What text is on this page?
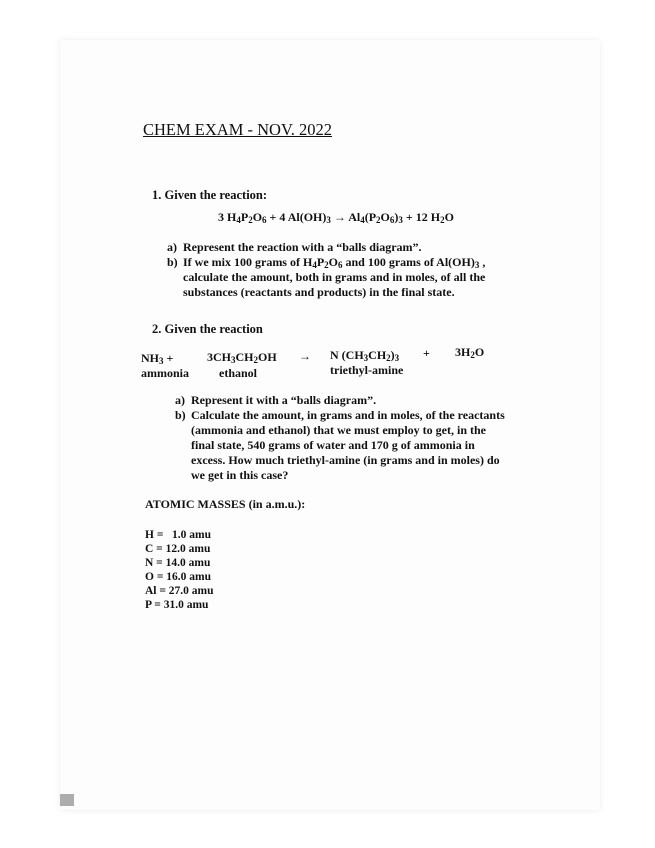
CHEM EXAM - NOV. 2022
1. Given the reaction:
3 $H_4P_2O_6 + 4$ $Al(OH)_3 \to Al_4(P_2O_6)_3 + 12$ $H_2O$
a) Represent the reaction with a “balls diagram”.
b) If we mix 100 grams of $H_4P_2O_6$ and 100 grams of $Al(OH)_3$ ,
calculate the amount, both in grams and in moles, of all the
substances (reactants and products) in the final state.
2. Given the reaction
$NH_3$ +
ammonia
$3CH_3CH_2OH$
ethanol
→ N $(CH_3CH_2)_3$
triethyl-amine
+ $3H_2O$
a) Represent it with a “balls diagram”.
b) Calculate the amount, in grams and in moles, of the reactants
(ammonia and ethanol) that we must employ to get, in the
final state, 540 grams of water and 170 g of ammonia in
excess. How much triethyl-amine (in grams and in moles) do
we get in this case?
ATOMIC MASSES (in a.m.u.):
H =   1.0 amu
C = 12.0 amu
N = 14.0 amu
O = 16.0 amu
Al = 27.0 amu
P = 31.0 amu
